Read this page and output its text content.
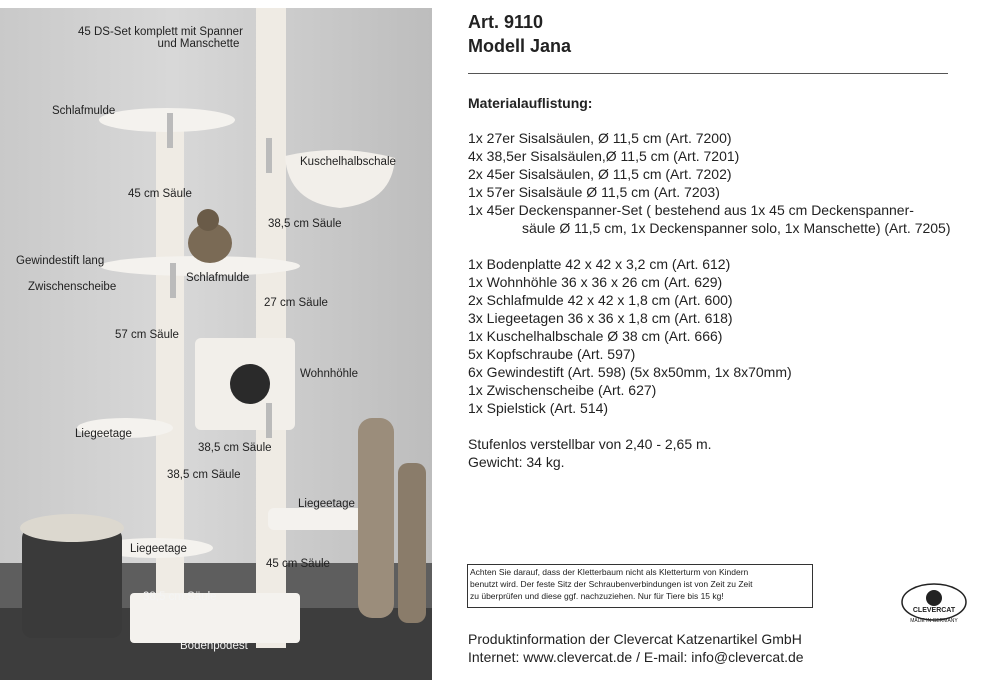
45 DS-Set komplett mit Spanner
und Manschette
Schlafmulde
Kuschelhalbschale
45 cm Säule
38,5 cm Säule
Gewindestift lang
Schlafmulde
Zwischenscheibe
27 cm Säule
57 cm Säule
Wohnhöhle
Liegeetage
38,5 cm Säule
38,5 cm Säule
Liegeetage
Liegeetage
45 cm Säule
38,5 cm Säule
Bodenpodest
Art. 9110
Modell Jana
Materialauflistung:
1x 27er Sisalsäulen, Ø 11,5 cm (Art. 7200)
4x 38,5er Sisalsäulen,Ø 11,5 cm (Art. 7201)
2x 45er Sisalsäulen, Ø 11,5 cm (Art. 7202)
1x 57er Sisalsäule Ø 11,5 cm (Art. 7203)
1x 45er Deckenspanner-Set ( bestehend aus 1x 45 cm Deckenspanner-
säule Ø 11,5 cm, 1x Deckenspanner solo, 1x Manschette) (Art. 7205)
1x Bodenplatte 42 x 42 x 3,2 cm (Art. 612)
1x Wohnhöhle 36 x 36 x 26 cm (Art. 629)
2x Schlafmulde 42 x 42 x 1,8 cm (Art. 600)
3x Liegeetagen 36 x 36 x 1,8 cm (Art. 618)
1x Kuschelhalbschale Ø 38 cm (Art. 666)
5x Kopfschraube (Art. 597)
6x Gewindestift (Art. 598) (5x 8x50mm, 1x 8x70mm)
1x Zwischenscheibe (Art. 627)
1x Spielstick (Art. 514)
Stufenlos verstellbar von 2,40 - 2,65 m.
Gewicht: 34 kg.
Achten Sie darauf, dass der Kletterbaum nicht als Kletterturm von Kindern
benutzt wird. Der feste Sitz der Schraubenverbindungen ist von Zeit zu Zeit
zu überprüfen und diese ggf. nachzuziehen. Nur für Tiere bis 15 kg!
CLEVERCAT
MADE IN GERMANY
Produktinformation der Clevercat Katzenartikel GmbH
Internet: www.clevercat.de / E-mail: info@clevercat.de
